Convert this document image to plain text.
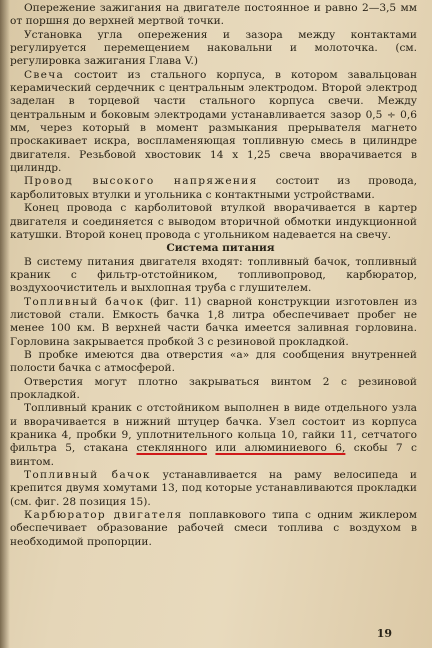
Опережение зажигания на двигателе постоянное и равно 2—3,5 мм от поршня до верхней мертвой точки.

Установка угла опережения и зазора между контактами регулируется перемещением наковальни и молоточка. (см. регулировка зажигания Глава V.)

Свеча состоит из стального корпуса, в котором завальцован керамический сердечник с центральным электродом. Второй электрод заделан в торцевой части стального корпуса свечи. Между центральным и боковым электродами устанавливается зазор 0,5 ÷ 0,6 мм, через который в момент размыкания прерывателя магнето проскакивает искра, воспламеняющая топливную смесь в цилиндре двигателя. Резьбовой хвостовик 14 х 1,25 свеча вворачивается в цилиндр.

Провод высокого напряжения состоит из провода, карболитовых втулки и угольника с контактными устройствами.

Конец провода с карболитовой втулкой вворачивается в картер двигателя и соединяется с выводом вторичной обмотки индукционной катушки. Второй конец провода с угольником надевается на свечу.

Система питания

В систему питания двигателя входят: топливный бачок, топливный краник с фильтр-отстойником, топливопровод, карбюратор, воздухоочиститель и выхлопная труба с глушителем.

Топливный бачок (фиг. 11) сварной конструкции изготовлен из листовой стали. Емкость бачка 1,8 литра обеспечивает пробег не менее 100 км. В верхней части бачка имеется заливная горловина. Горловина закрывается пробкой 3 с резиновой прокладкой.

В пробке имеются два отверстия «а» для сообщения внутренней полости бачка с атмосферой.

Отверстия могут плотно закрываться винтом 2 с резиновой прокладкой.

Топливный краник с отстойником выполнен в виде отдельного узла и вворачивается в нижний штуцер бачка. Узел состоит из корпуса краника 4, пробки 9, уплотнительного кольца 10, гайки 11, сетчатого фильтра 5, стакана стеклянного или алюминиевого 6, скобы 7 с винтом.

Топливный бачок устанавливается на раму велосипеда и крепится двумя хомутами 13, под которые устанавливаются прокладки (см. фиг. 28 позиция 15).

Карбюратор двигателя поплавкового типа с одним жиклером обеспечивает образование рабочей смеси топлива с воздухом в необходимой пропорции.

19
